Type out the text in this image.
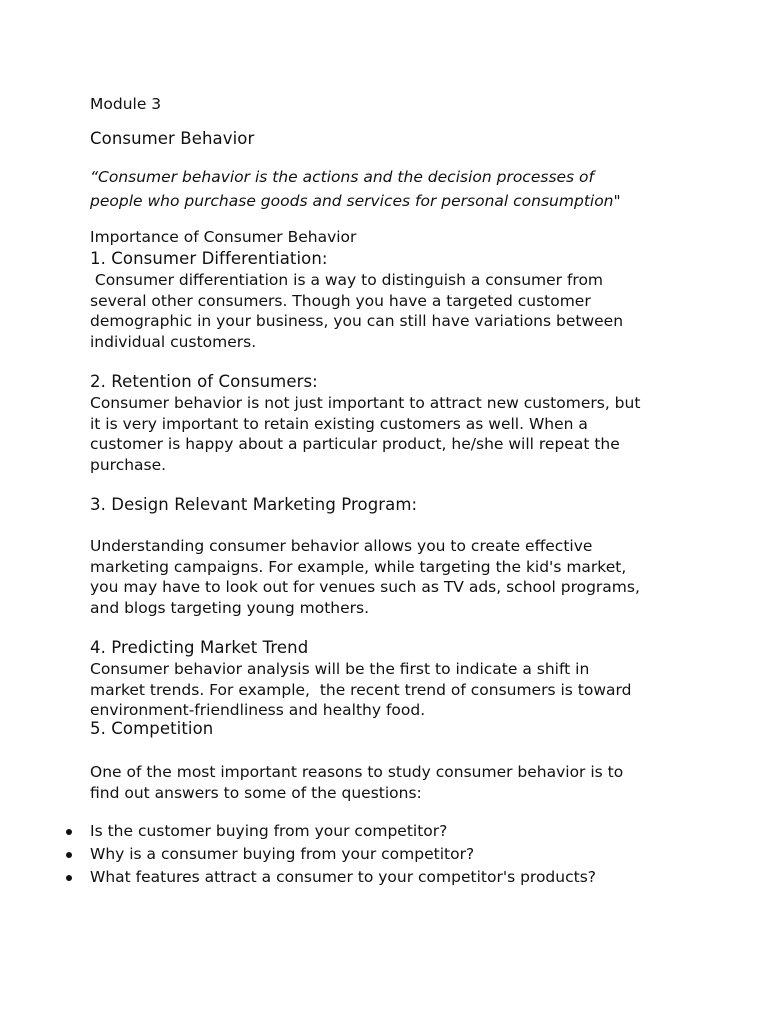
Module 3
Consumer Behavior
“Consumer behavior is the actions and the decision processes of
people who purchase goods and services for personal consumption"
Importance of Consumer Behavior
1. Consumer Differentiation:
Consumer differentiation is a way to distinguish a consumer from
several other consumers. Though you have a targeted customer
demographic in your business, you can still have variations between
individual customers.
2. Retention of Consumers:
Consumer behavior is not just important to attract new customers, but
it is very important to retain existing customers as well. When a
customer is happy about a particular product, he/she will repeat the
purchase.
3. Design Relevant Marketing Program:
Understanding consumer behavior allows you to create effective
marketing campaigns. For example, while targeting the kid's market,
you may have to look out for venues such as TV ads, school programs,
and blogs targeting young mothers.
4. Predicting Market Trend
Consumer behavior analysis will be the first to indicate a shift in
market trends. For example,  the recent trend of consumers is toward
environment-friendliness and healthy food.
5. Competition
One of the most important reasons to study consumer behavior is to
find out answers to some of the questions:
Is the customer buying from your competitor?
Why is a consumer buying from your competitor?
What features attract a consumer to your competitor's products?
